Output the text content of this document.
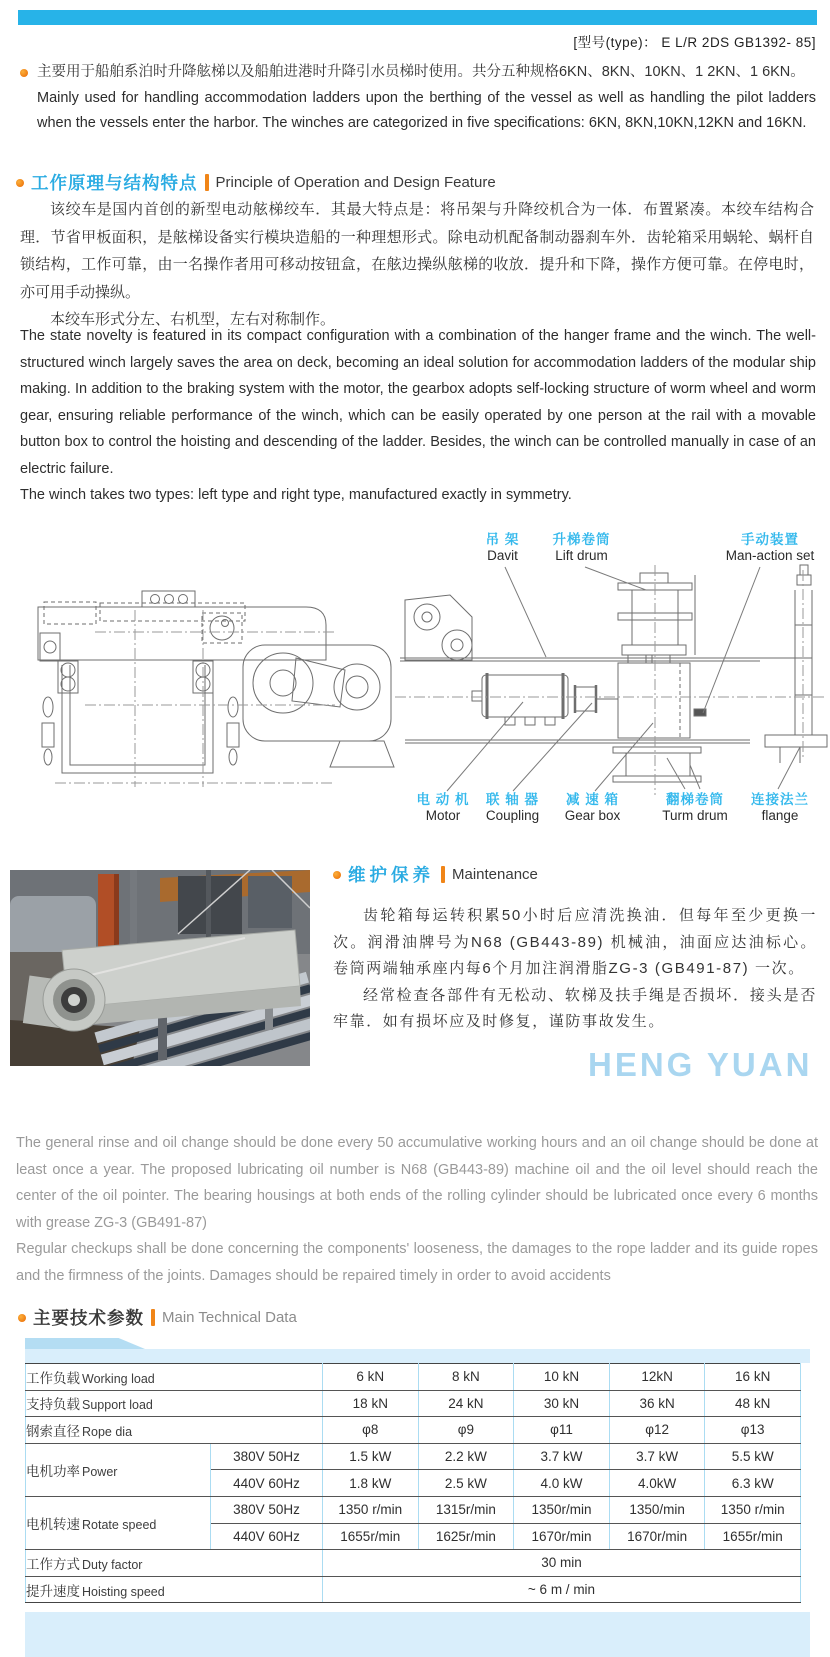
[型号(type)： E L/R 2DS GB1392- 85]
主要用于船舶系泊时升降舷梯以及船舶进港时升降引水员梯时使用。共分五种规格6KN、8KN、10KN、1 2KN、1 6KN。
Mainly used for handling accommodation ladders upon the berthing of the vessel as well as handling the pilot ladders when the vessels enter the harbor. The winches are categorized in five specifications: 6KN, 8KN,10KN,12KN and 16KN.
工作原理与结构特点 Principle of Operation and Design Feature

该绞车是国内首创的新型电动舷梯绞车．其最大特点是：将吊架与升降绞机合为一体．布置紧凑。本绞车结构合理．节省甲板面积，是舷梯设备实行模块造船的一种理想形式。除电动机配备制动器刹车外．齿轮箱采用蜗轮、蜗杆自锁结构，工作可靠，由一名操作者用可移动按钮盒，在舷边操纵舷梯的收放．提升和下降，操作方便可靠。在停电时，亦可用手动操纵。

本绞车形式分左、右机型，左右对称制作。

The state novelty is featured in its compact configuration with a combination of the hanger frame and the winch. The well-structured winch largely saves the area on deck, becoming an ideal solution for accommodation ladders of the modular ship making. In addition to the braking system with the motor, the gearbox adopts self-locking structure of worm wheel and worm gear, ensuring reliable performance of the winch, which can be easily operated by one person at the rail with a movable button box to control the hoisting and descending of the ladder. Besides, the winch can be controlled manually in case of an electric failure.

The winch takes two types: left type and right type, manufactured exactly in symmetry.

吊 架
Davit
升梯卷筒
Lift drum
手动装置
Man-action set
电 动 机
Motor
联 轴 器
Coupling
减 速 箱
Gear box
翻梯卷筒
Turm drum
连接法兰
flange
维护保养 Maintenance

齿轮箱每运转积累50小时后应清洗换油．但每年至少更换一次。润滑油牌号为N68 (GB443-89) 机械油，油面应达油标心。卷筒两端轴承座内每6个月加注润滑脂ZG-3 (GB491-87) 一次。

经常检查各部件有无松动、软梯及扶手绳是否损坏．接头是否牢靠．如有损坏应及时修复，谨防事故发生。

HENG YUAN

The general rinse and oil change should be done every 50 accumulative working hours and an oil change should be done at least once a year. The proposed lubricating oil number is N68 (GB443-89) machine oil and the oil level should reach the center of the oil pointer. The bearing housings at both ends of the rolling cylinder should be lubricated once every 6 months with grease ZG-3 (GB491-87)

Regular checkups shall be done concerning the components' looseness, the damages to the rope ladder and its guide ropes and the firmness of the joints. Damages should be repaired timely in order to avoid accidents

主要技术参数 Main Technical Data
工作负载 Working load		6 kN	8 kN	10 kN	12kN	16 kN
支持负载 Support load		18 kN	24 kN	30 kN	36 kN	48 kN
钢索直径 Rope dia		φ8	φ9	φ11	φ12	φ13
电机功率 Power	380V 50Hz	1.5 kW	2.2 kW	3.7 kW	3.7 kW	5.5 kW
	440V 60Hz	1.8 kW	2.5 kW	4.0 kW	4.0kW	6.3 kW
电机转速 Rotate speed	380V 50Hz	1350 r/min	1315r/min	1350r/min	1350/min	1350 r/min
	440V 60Hz	1655r/min	1625r/min	1670r/min	1670r/min	1655r/min
工作方式 Duty factor		30 min				
提升速度 Hoisting speed		~ 6 m / min				
